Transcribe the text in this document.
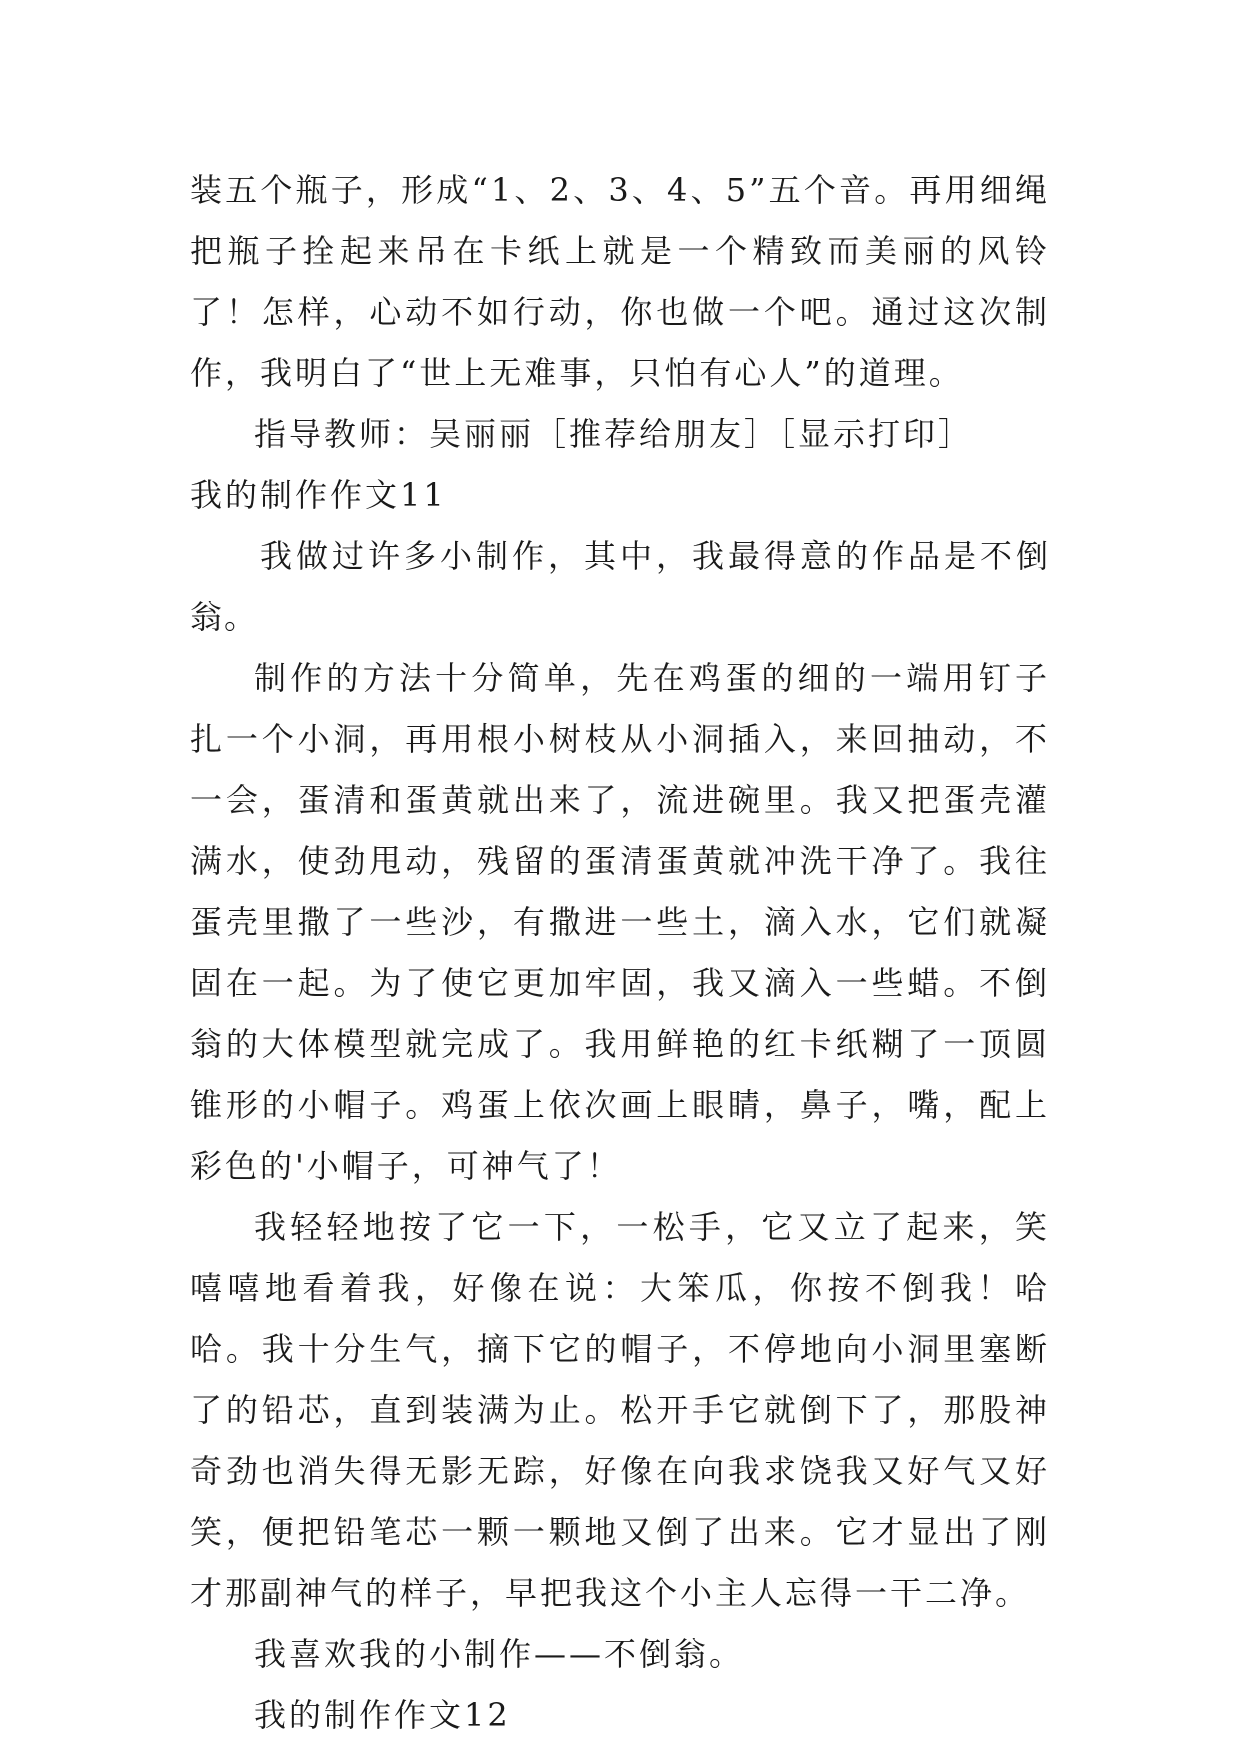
装五个瓶子，形成“1、2、3、4、5”五个音。再用细绳把瓶子拴起来吊在卡纸上就是一个精致而美丽的风铃了！怎样，心动不如行动，你也做一个吧。通过这次制作，我明白了“世上无难事，只怕有心人”的道理。

指导教师：吴丽丽［推荐给朋友］［显示打印］

我的制作作文11

我做过许多小制作，其中，我最得意的作品是不倒翁。

制作的方法十分简单，先在鸡蛋的细的一端用钉子扎一个小洞，再用根小树枝从小洞插入，来回抽动，不一会，蛋清和蛋黄就出来了，流进碗里。我又把蛋壳灌满水，使劲甩动，残留的蛋清蛋黄就冲洗干净了。我往蛋壳里撒了一些沙，有撒进一些土，滴入水，它们就凝固在一起。为了使它更加牢固，我又滴入一些蜡。不倒翁的大体模型就完成了。我用鲜艳的红卡纸糊了一顶圆锥形的小帽子。鸡蛋上依次画上眼睛，鼻子，嘴，配上彩色的'小帽子，可神气了！

我轻轻地按了它一下，一松手，它又立了起来，笑嘻嘻地看着我，好像在说：大笨瓜，你按不倒我！哈哈。我十分生气，摘下它的帽子，不停地向小洞里塞断了的铅芯，直到装满为止。松开手它就倒下了，那股神奇劲也消失得无影无踪，好像在向我求饶我又好气又好笑，便把铅笔芯一颗一颗地又倒了出来。它才显出了刚才那副神气的样子，早把我这个小主人忘得一干二净。

我喜欢我的小制作——不倒翁。

我的制作作文12
